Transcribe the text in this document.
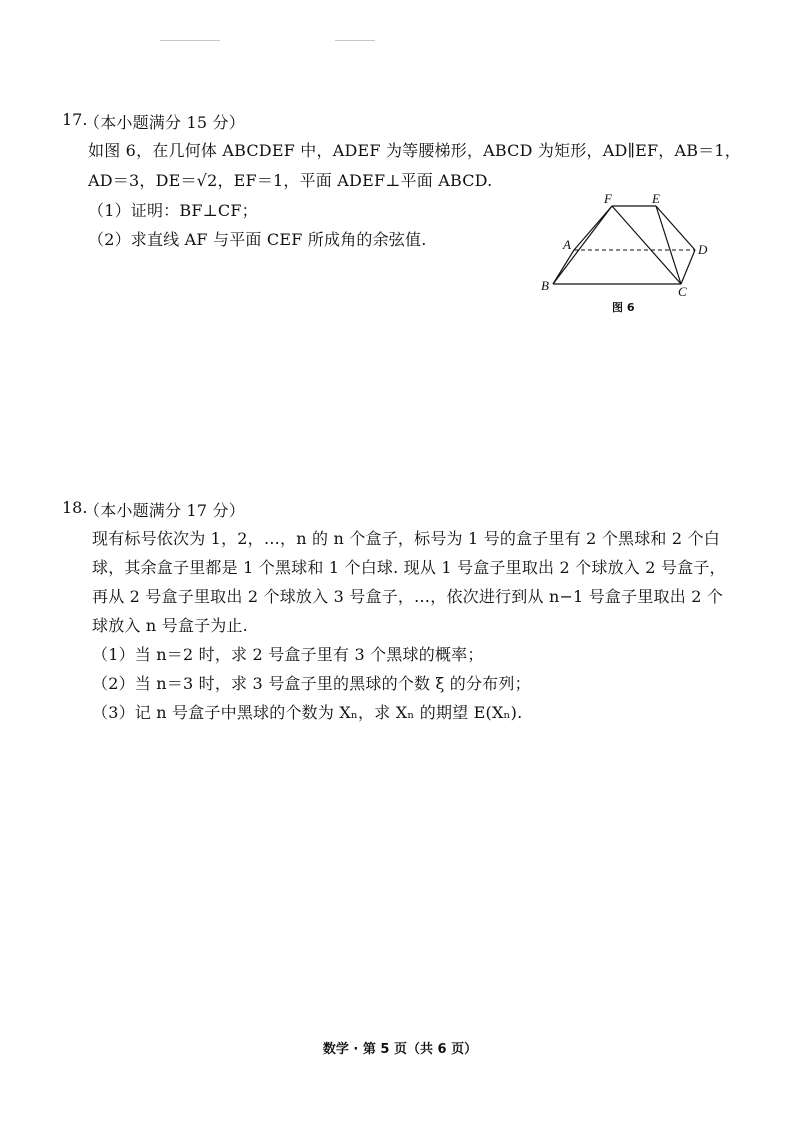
17.
（本小题满分 15 分）
如图 6，在几何体 ABCDEF 中，ADEF 为等腰梯形，ABCD 为矩形，AD∥EF，AB＝1，
AD＝3，DE＝√2，EF＝1，平面 ADEF⊥平面 ABCD.
（1）证明：BF⊥CF；
（2）求直线 AF 与平面 CEF 所成角的余弦值.
F	E
A	D
B	C
图 6
18.
（本小题满分 17 分）
现有标号依次为 1，2，…，n 的 n 个盒子，标号为 1 号的盒子里有 2 个黑球和 2 个白
球，其余盒子里都是 1 个黑球和 1 个白球. 现从 1 号盒子里取出 2 个球放入 2 号盒子，
再从 2 号盒子里取出 2 个球放入 3 号盒子，…，依次进行到从 n−1 号盒子里取出 2 个
球放入 n 号盒子为止.
（1）当 n＝2 时，求 2 号盒子里有 3 个黑球的概率；
（2）当 n＝3 时，求 3 号盒子里的黑球的个数 ξ 的分布列；
（3）记 n 号盒子中黑球的个数为 Xₙ，求 Xₙ 的期望 E(Xₙ).
数学 · 第 5 页（共 6 页）
